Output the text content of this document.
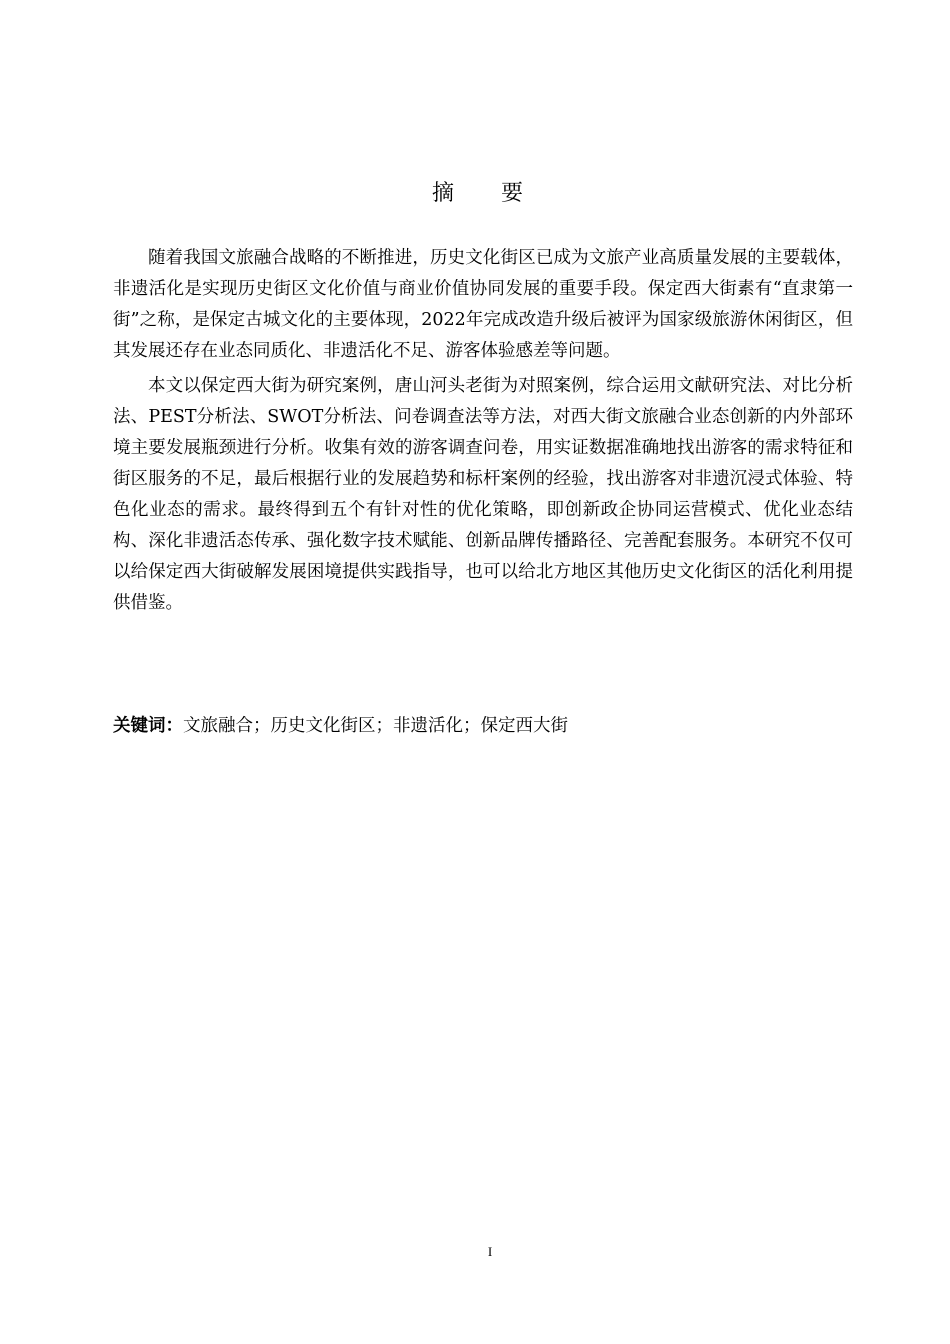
摘 要

随着我国文旅融合战略的不断推进，历史文化街区已成为文旅产业高质量发展的主要载体，非遗活化是实现历史街区文化价值与商业价值协同发展的重要手段。保定西大街素有“直隶第一街”之称，是保定古城文化的主要体现，2022年完成改造升级后被评为国家级旅游休闲街区，但其发展还存在业态同质化、非遗活化不足、游客体验感差等问题。

本文以保定西大街为研究案例，唐山河头老街为对照案例，综合运用文献研究法、对比分析法、PEST分析法、SWOT分析法、问卷调查法等方法，对西大街文旅融合业态创新的内外部环境主要发展瓶颈进行分析。收集有效的游客调查问卷，用实证数据准确地找出游客的需求特征和街区服务的不足，最后根据行业的发展趋势和标杆案例的经验，找出游客对非遗沉浸式体验、特色化业态的需求。最终得到五个有针对性的优化策略，即创新政企协同运营模式、优化业态结构、深化非遗活态传承、强化数字技术赋能、创新品牌传播路径、完善配套服务。本研究不仅可以给保定西大街破解发展困境提供实践指导，也可以给北方地区其他历史文化街区的活化利用提供借鉴。

关键词：文旅融合；历史文化街区；非遗活化；保定西大街
I
